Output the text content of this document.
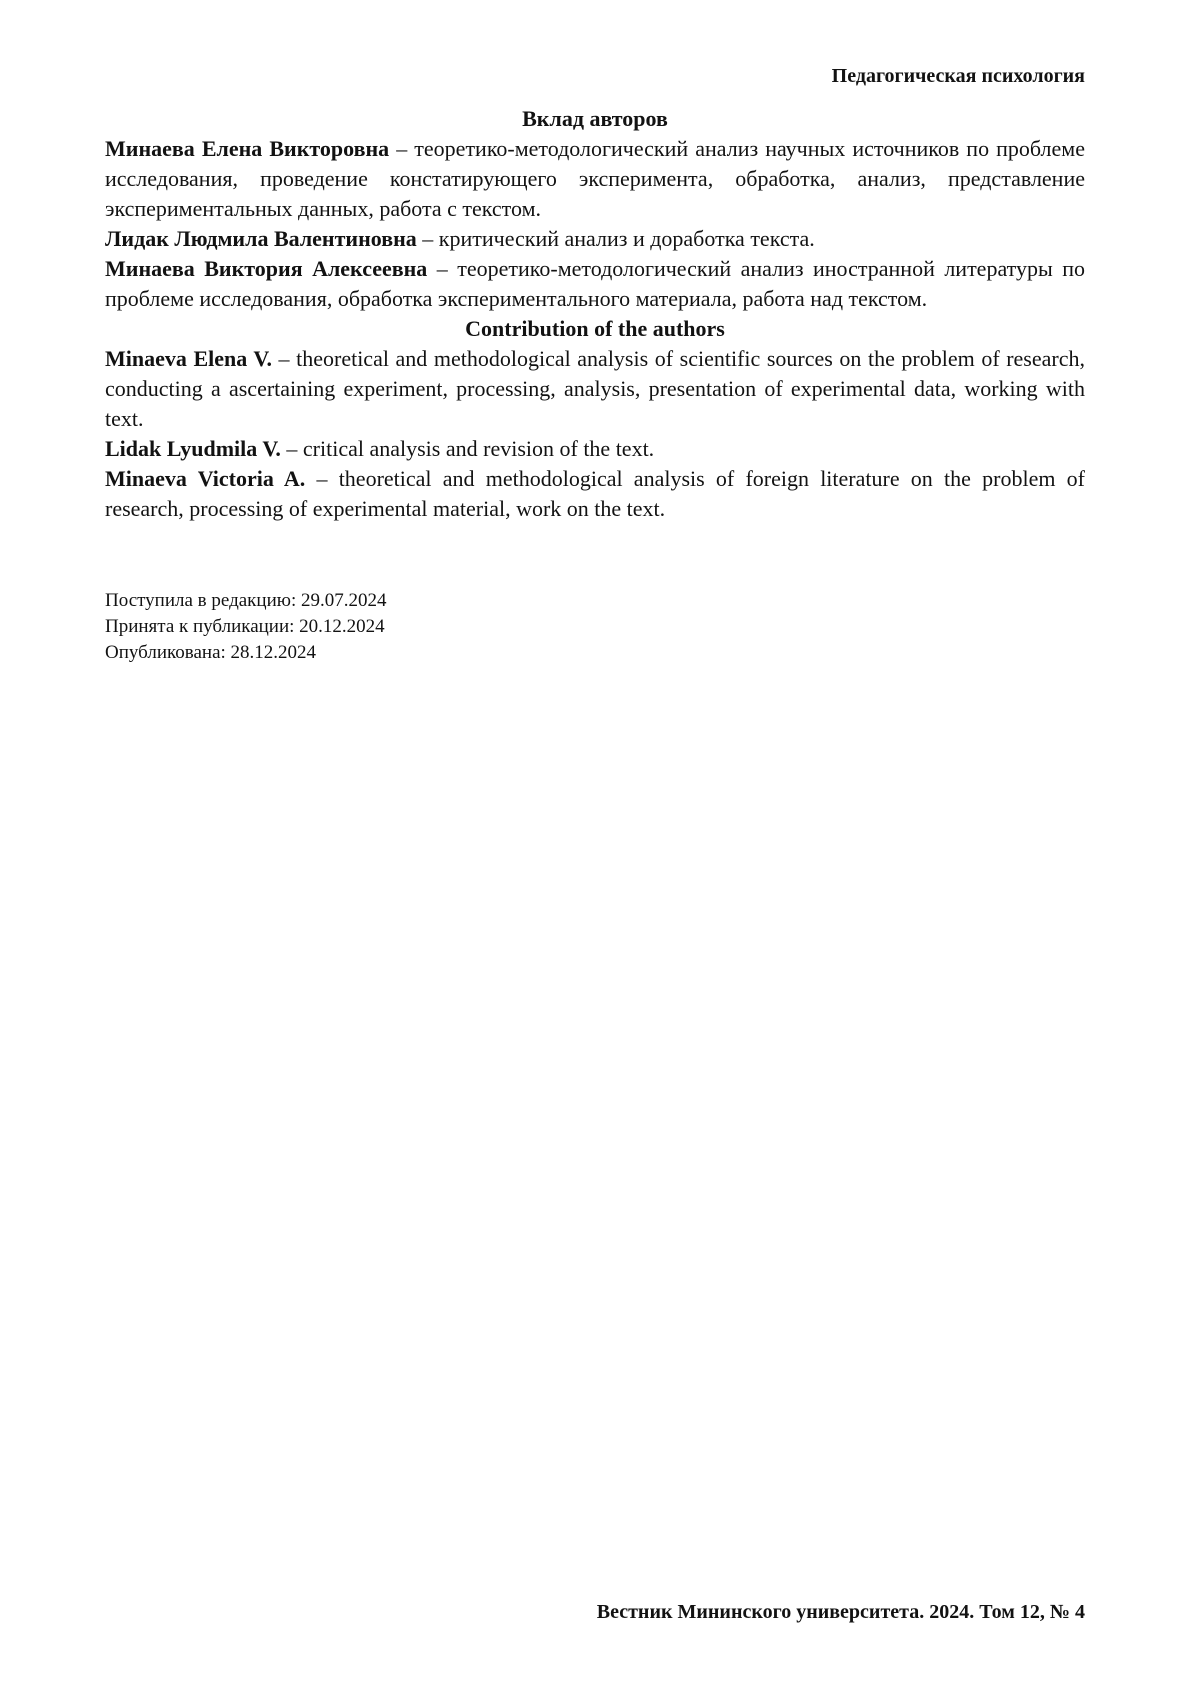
Педагогическая психология
Вклад авторов

Минаева Елена Викторовна – теоретико-методологический анализ научных источников по проблеме исследования, проведение констатирующего эксперимента, обработка, анализ, представление экспериментальных данных, работа с текстом.

Лидак Людмила Валентиновна – критический анализ и доработка текста.

Минаева Виктория Алексеевна – теоретико-методологический анализ иностранной литературы по проблеме исследования, обработка экспериментального материала, работа над текстом.

Contribution of the authors

Minaeva Elena V. – theoretical and methodological analysis of scientific sources on the problem of research, conducting a ascertaining experiment, processing, analysis, presentation of experimental data, working with text.

Lidak Lyudmila V. – critical analysis and revision of the text.

Minaeva Victoria A. – theoretical and methodological analysis of foreign literature on the problem of research, processing of experimental material, work on the text.

Поступила в редакцию: 29.07.2024
Принята к публикации: 20.12.2024
Опубликована: 28.12.2024
Вестник Мининского университета. 2024. Том 12, № 4
